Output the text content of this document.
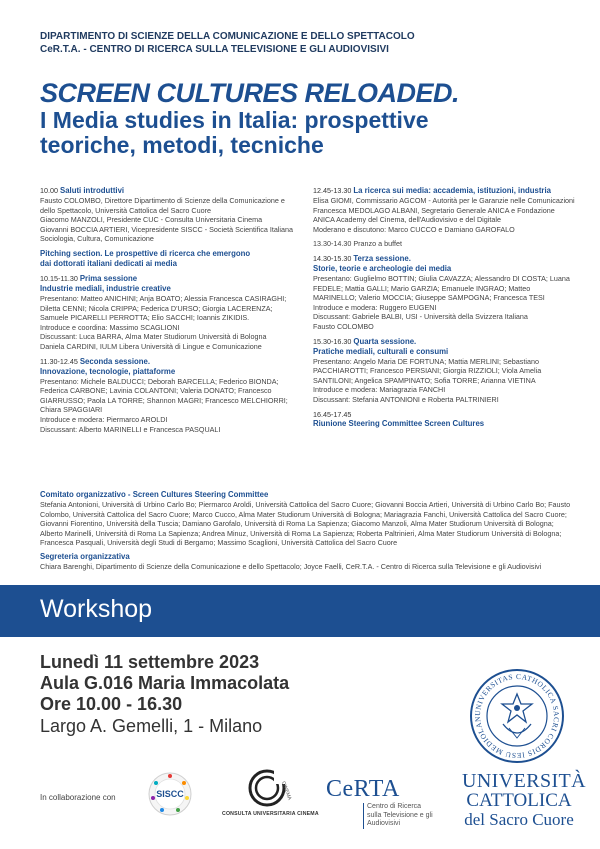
DIPARTIMENTO DI SCIENZE DELLA COMUNICAZIONE E DELLO SPETTACOLO
CeR.T.A. - CENTRO DI RICERCA SULLA TELEVISIONE E GLI AUDIOVISIVI
SCREEN CULTURES RELOADED.
I Media studies in Italia: prospettive
teoriche, metodi, tecniche
10.00 Saluti introduttivi
Fausto COLOMBO, Direttore Dipartimento di Scienze della Comunicazione e dello Spettacolo, Università Cattolica del Sacro Cuore
Giacomo MANZOLI, Presidente CUC - Consulta Universitaria Cinema
Giovanni BOCCIA ARTIERI, Vicepresidente SISCC - Società Scientifica Italiana Sociologia, Cultura, Comunicazione
Pitching section. Le prospettive di ricerca che emergono
dai dottorati italiani dedicati ai media
10.15-11.30 Prima sessione
Industrie mediali, industrie creative
Presentano: Matteo ANICHINI; Anja BOATO; Alessia Francesca CASIRAGHI; Diletta CENNI; Nicola CRIPPA; Federica D'URSO; Giorgia LACERENZA; Samuele PICARELLI PERROTTA; Elio SACCHI; Ioannis ZIKIDIS.
Introduce e coordina: Massimo SCAGLIONI
Discussant: Luca BARRA, Alma Mater Studiorum Università di Bologna
Daniela CARDINI, IULM Libera Università di Lingue e Comunicazione
11.30-12.45 Seconda sessione.
Innovazione, tecnologie, piattaforme
Presentano: Michele BALDUCCI; Deborah BARCELLA; Federico BIONDA; Federica CARBONE; Lavinia COLANTONI; Valeria DONATO; Francesco GIARRUSSO; Paola LA TORRE; Shannon MAGRI; Francesco MELCHIORRI; Chiara SPAGGIARI
Introduce e modera: Piermarco AROLDI
Discussant: Alberto MARINELLI e Francesca PASQUALI
12.45-13.30 La ricerca sui media: accademia, istituzioni, industria
Elisa GIOMI, Commissario AGCOM - Autorità per le Garanzie nelle Comunicazioni
Francesca MEDOLAGO ALBANI, Segretario Generale ANICA e Fondazione ANICA Academy del Cinema, dell'Audiovisivo e del Digitale
Moderano e discutono: Marco CUCCO e Damiano GAROFALO
13.30-14.30 Pranzo a buffet
14.30-15.30 Terza sessione.
Storie, teorie e archeologie dei media
Presentano: Guglielmo BOTTIN; Giulia CAVAZZA; Alessandro DI COSTA; Luana FEDELE; Mattia GALLI; Mario GARZIA; Emanuele INGRAO; Matteo MARINELLO; Valerio MOCCIA; Giuseppe SAMPOGNA; Francesca TESI
Introduce e modera: Ruggero EUGENI
Discussant: Gabriele BALBI, USI - Università della Svizzera Italiana
Fausto COLOMBO
15.30-16.30 Quarta sessione.
Pratiche mediali, culturali e consumi
Presentano: Angelo Maria DE FORTUNA; Mattia MERLINI; Sebastiano PACCHIAROTTI; Francesco PERSIANI; Giorgia RIZZIOLI; Viola Amelia SANTILONI; Angelica SPAMPINATO; Sofia TORRE; Arianna VIETINA
Introduce e modera: Mariagrazia FANCHI
Discussant: Stefania ANTONIONI e Roberta PALTRINIERI
16.45-17.45
Riunione Steering Committee Screen Cultures
Comitato organizzativo - Screen Cultures Steering Committee
Stefania Antonioni, Università di Urbino Carlo Bo; Piermarco Aroldi, Università Cattolica del Sacro Cuore; Giovanni Boccia Artieri, Università di Urbino Carlo Bo; Fausto Colombo, Università Cattolica del Sacro Cuore; Marco Cucco, Alma Mater Studiorum Università di Bologna; Mariagrazia Fanchi, Università Cattolica del Sacro Cuore; Giovanni Fiorentino, Università della Tuscia; Damiano Garofalo, Università di Roma La Sapienza; Giacomo Manzoli, Alma Mater Studiorum Università di Bologna; Alberto Marinelli, Università di Roma La Sapienza; Andrea Minuz, Università di Roma La Sapienza; Roberta Paltrinieri, Alma Mater Studiorum Università di Bologna; Francesca Pasquali, Università degli Studi di Bergamo; Massimo Scaglioni, Università Cattolica del Sacro Cuore
Segreteria organizzativa
Chiara Barenghi, Dipartimento di Scienze della Comunicazione e dello Spettacolo; Joyce Faelli, CeR.T.A. - Centro di Ricerca sulla Televisione e gli Audiovisivi
Workshop
Lunedì 11 settembre 2023
Aula G.016 Maria Immacolata
Ore 10.00 - 16.30
Largo A. Gemelli, 1 - Milano
In collaborazione con	SISCC	CINEMA
CONSULTA UNIVERSITARIA CINEMA
CeRTA
Centro di Ricerca
sulla Televisione e gli Audiovisivi
UNIVERSITAS CATHOLICA SACRI CORDIS IESU MEDIOLAN
UNIVERSITÀ
CATTOLICA
del Sacro Cuore
